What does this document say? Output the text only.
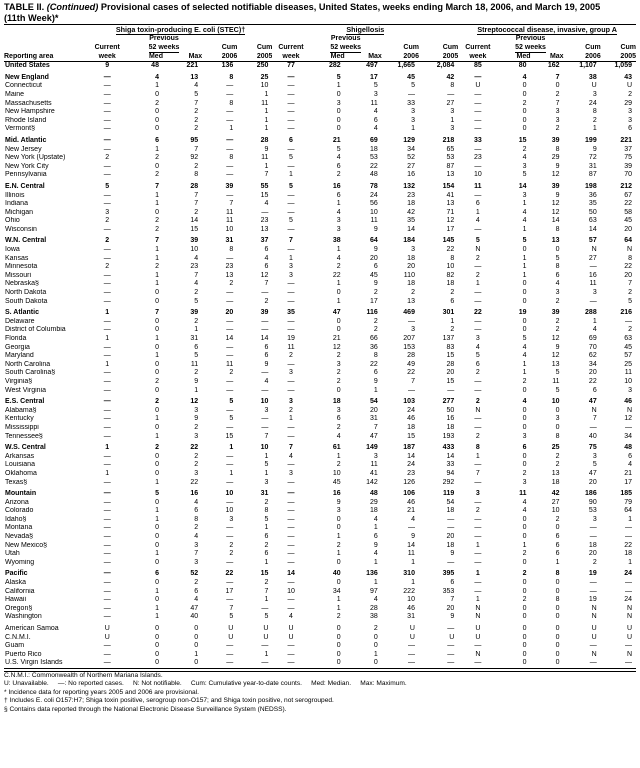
TABLE II. (Continued) Provisional cases of selected notifiable diseases, United States, weeks ending March 18, 2006, and March 19, 2005
(11th Week)*
	Shiga toxin-producing E. coli (STEC)†					Shigellosis					Streptococcal disease, invasive, group A				
		Previous					Previous					Previous			
	Current	52 weeks		Cum	Cum	Current	52 weeks		Cum	Cum	Current	52 weeks		Cum	Cum
Reporting area	week	Med	Max	2006	2005	week	Med	Max	2006	2005	week	Med	Max	2006	2005
United States	9	48	221	136	250	77	282	497	1,665	2,084	85	80	162	1,107	1,059
New England	—	4	13	8	25	—	5	17	45	42	—	4	7	38	43
Connecticut	—	1	4	—	10	—	1	5	5	8	U	0	0	U	U
Maine	—	0	5	—	1	—	0	3	—	—	—	0	2	3	2
Massachusetts	—	2	7	8	11	—	3	11	33	27	—	2	7	24	29
New Hampshire	—	0	2	—	1	—	0	4	3	3	—	0	3	8	3
Rhode Island	—	0	2	—	1	—	0	6	3	1	—	0	3	2	3
Vermont§	—	0	2	1	1	—	0	4	1	3	—	0	2	1	6
Mid. Atlantic	—	6	95	—	28	6	21	69	129	218	33	15	39	199	221
New Jersey	—	1	7	—	9	—	5	18	34	65	—	2	8	9	37
New York (Upstate)	2	2	92	8	11	5	4	53	52	53	23	4	29	72	75
New York City	—	0	2	—	1	—	6	22	27	87	—	3	9	31	39
Pennsylvania	—	2	8	—	7	1	2	48	16	13	10	5	12	87	70
E.N. Central	5	7	28	39	55	5	16	78	132	154	11	14	39	198	212
Illinois	—	1	7	—	15	—	6	24	23	41	—	3	9	36	67
Indiana	—	1	7	7	4	—	1	56	18	13	6	1	12	35	22
Michigan	3	0	2	11	—	—	4	10	42	71	1	4	12	50	58
Ohio	2	2	14	11	23	5	3	11	35	12	4	4	14	63	45
Wisconsin	—	2	15	10	13	—	3	9	14	17	—	1	8	14	20
W.N. Central	2	7	39	31	37	7	38	64	184	145	5	5	13	57	64
Iowa	—	1	10	8	6	—	1	9	3	22	N	0	0	N	N
Kansas	—	1	4	—	4	1	4	20	18	8	2	1	5	27	8
Minnesota	2	2	23	23	6	3	2	6	20	10	—	1	8	—	22
Missouri	—	1	7	13	12	3	22	45	110	82	2	1	6	16	20
Nebraska§	—	1	4	2	7	—	1	9	18	18	1	0	4	11	7
North Dakota	—	0	2	—	—	—	0	2	2	2	—	0	3	3	2
South Dakota	—	0	5	—	2	—	1	17	13	6	—	0	2	—	5
S. Atlantic	1	7	39	20	39	35	47	116	469	301	22	19	39	288	216
Delaware	—	0	2	—	—	—	0	2	—	1	—	0	2	1	—
District of Columbia	—	0	1	—	—	—	0	2	3	2	—	0	2	4	2
Florida	1	1	31	14	14	19	21	66	207	137	3	5	12	69	63
Georgia	—	0	6	—	6	11	12	36	153	83	4	4	9	70	45
Maryland	—	1	5	—	6	2	2	8	28	15	5	4	12	62	57
North Carolina	1	0	11	11	9	—	3	22	49	28	6	1	13	34	25
South Carolina§	—	0	2	2	—	3	2	6	22	20	2	1	5	20	11
Virginia§	—	2	9	—	4	—	2	9	7	15	—	2	11	22	10
West Virginia	—	0	1	—	—	—	0	1	—	—	—	0	5	6	3
E.S. Central	—	2	12	5	10	3	18	54	103	277	2	4	10	47	46
Alabama§	—	0	3	—	3	2	3	20	24	50	N	0	0	N	N
Kentucky	—	1	9	5	—	1	6	31	46	16	—	0	3	7	12
Mississippi	—	0	2	—	—	—	2	7	18	18	—	0	0	—	—
Tennessee§	—	1	3	15	7	—	4	47	15	193	2	3	8	40	34
W.S. Central	1	2	22	1	10	7	61	149	187	433	8	6	25	75	48
Arkansas	—	0	2	—	1	4	1	3	14	14	1	0	2	3	6
Louisiana	—	0	2	—	5	—	2	11	24	33	—	0	2	5	4
Oklahoma	1	0	3	1	1	3	10	41	23	94	7	2	13	47	21
Texas§	—	1	22	—	3	—	45	142	126	292	—	3	18	20	17
Mountain	—	5	16	10	31	—	16	48	106	119	3	11	42	186	185
Arizona	—	0	4	—	2	—	9	29	46	54	—	4	27	90	79
Colorado	—	1	6	10	8	—	3	18	21	18	2	4	10	53	64
Idaho§	—	1	8	3	5	—	0	4	4	—	—	0	2	3	1
Montana	—	0	2	—	1	—	0	1	—	—	—	0	0	—	—
Nevada§	—	0	4	—	6	—	1	6	9	20	—	0	6	—	—
New Mexico§	—	0	3	2	2	—	2	9	14	18	1	1	6	18	22
Utah	—	1	7	2	6	—	1	4	11	9	—	2	6	20	18
Wyoming	—	0	3	—	1	—	0	1	1	—	—	0	1	2	1
Pacific	—	6	52	22	15	14	40	136	310	395	1	2	8	19	24
Alaska	—	0	2	—	2	—	0	1	1	6	—	0	0	—	—
California	—	1	6	17	7	10	34	97	222	353	—	0	0	—	—
Hawaii	—	0	4	—	1	—	1	4	10	7	1	2	8	19	24
Oregon§	—	1	47	7	—	—	1	28	46	20	N	0	0	N	N
Washington	—	1	40	5	5	4	2	38	31	9	N	0	0	N	N
American Samoa	U	0	0	U	U	U	0	2	U	—	U	0	0	U	U
C.N.M.I.	U	0	0	U	U	U	0	0	U	U	U	0	0	U	U
Guam	—	0	0	—	—	—	0	0	—	—	—	0	0	—	—
Puerto Rico	—	0	1	—	1	—	0	1	—	—	N	0	0	N	N
U.S. Virgin Islands	—	0	0	—	—	—	0	0	—	—	—	0	0	—	—
C.N.M.I.: Commonwealth of Northern Mariana Islands.
U: Unavailable.     —: No reported cases.     N: Not notifiable.     Cum: Cumulative year-to-date counts.     Med: Median.     Max: Maximum.
* Incidence data for reporting years 2005 and 2006 are provisional.
† Includes E. coli O157:H7; Shiga toxin positive, serogroup non-O157; and Shiga toxin positive, not serogrouped.
§ Contains data reported through the National Electronic Disease Surveillance System (NEDSS).
